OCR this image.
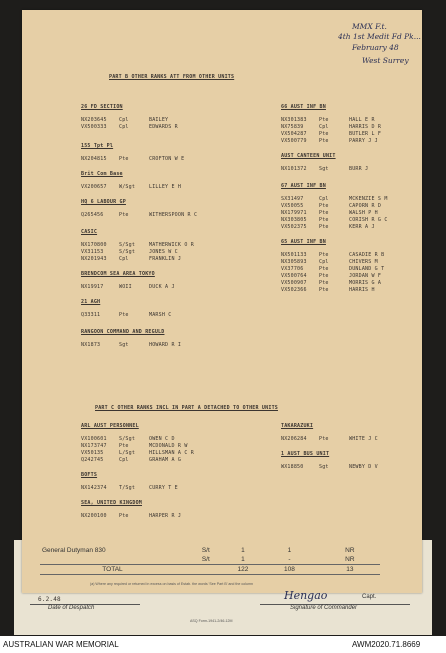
MMX F.t.
4th 1st Medit Fd Pk...
February 48
West Surrey
PART B OTHER RANKS ATT FROM OTHER UNITS
26 FD SECTION
NX203645 Cpl	BAILEY
VX500333 Cpl	EDWARDS R
155 Tpt Pl
NX204815 Pte	CROFTON W E
Brit Com Base
VX200657 W/Sgt	LILLEY E H
HQ 6 LABOUR GP
Q265456	Pte	WITHERSPOON R C
CASIC
NX170800 S/Sgt	MATHERWICK O R
VX31153	S/Sgt	JONES W C
NX201943 Cpl	FRANKLIN J
BRENDCOM SEA AREA TOKYO
NX19917	WOII	DUCK A J
21 AGH
Q33311	Pte	MARSH C
RANGOON COMMAND AND REGULD
NX1873	Sgt	HOWARD R I
66 AUST INF BN
NX301383 Pte	HALL E R
NX75839	Cpl	HARRIS D R
VX504287 Pte	BUTLER L F
VX500779 Pte	PARRY J J
AUST CANTEEN UNIT
NX101372 Sgt	BURR J
67 AUST INF BN
SX31497	Cpl	MCKENZIE S M
VX50055	Pte	CAPORN R D
NX179971 Pte	WALSH P H
NX303805 Pte	CORISH R G C
VX502375 Pte	KERR A J
65 AUST INF BN
NX501133 Pte	CASADIE R B
NX305893 Cpl	CHIVERS M
VX37706	Pte	DUNLAND G T
VX500764 Pte	JORDAN W F
VX500907 Pte	MORRIS G A
VX502366 Pte	HARRIS H
PART C OTHER RANKS INCL IN PART A DETACHED TO OTHER UNITS
ARL AUST PERSONNEL
VX100601 S/Sgt	OWEN C D
NX173747 Pte	MCDONALD R W
VX50135	L/Sgt	HILLSMAN A C R
Q242745	Cpl	GRAHAM A G
BOFTS
NX142374 T/Sgt	CURRY T E
SEA, UNITED KINGDOM
NX200100 Pte	HARPER R J
TAKARAZUKI
NX206284 Pte	WHITE J C
1 AUST BUS UNIT
WX18850	Sgt	NEWBY D V
General Dutyman 830	S/t	1	1	NR
	S/t	1	-	NR
TOTAL		122	108	13
(a) Where any required or returned in excess on basis of Estab. the words 'See Part B' and the column
6.2.48
Date of Despatch
Hengao	Capt.
Signature of Commander
ASQ Form-1941-2/46-12M
AUSTRALIAN WAR MEMORIAL	AWM2020.71.8669
